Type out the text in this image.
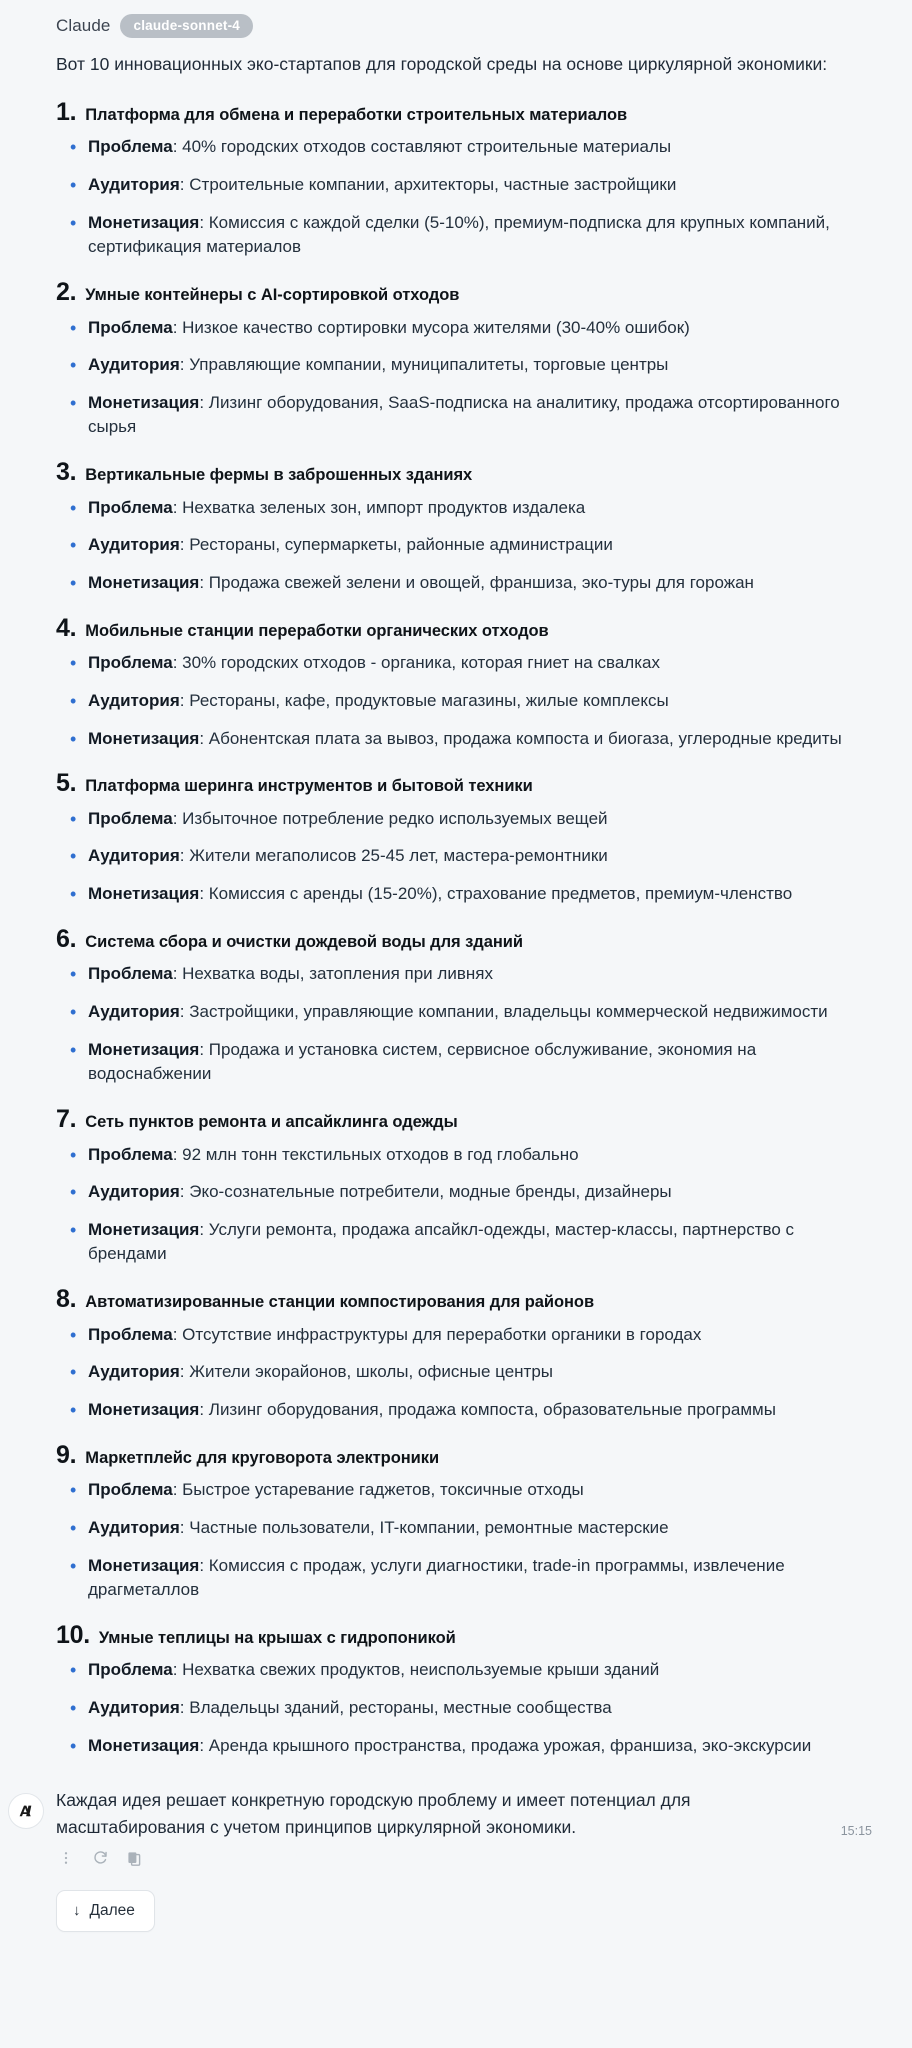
Claude	claude-sonnet-4

Вот 10 инновационных эко-стартапов для городской среды на основе циркулярной экономики:

1. Платформа для обмена и переработки строительных материалов
• Проблема: 40% городских отходов составляют строительные материалы
• Аудитория: Строительные компании, архитекторы, частные застройщики
• Монетизация: Комиссия с каждой сделки (5-10%), премиум-подписка для крупных компаний, сертификация материалов
2. Умные контейнеры с AI-сортировкой отходов
• Проблема: Низкое качество сортировки мусора жителями (30-40% ошибок)
• Аудитория: Управляющие компании, муниципалитеты, торговые центры
• Монетизация: Лизинг оборудования, SaaS-подписка на аналитику, продажа отсортированного сырья
3. Вертикальные фермы в заброшенных зданиях
• Проблема: Нехватка зеленых зон, импорт продуктов издалека
• Аудитория: Рестораны, супермаркеты, районные администрации
• Монетизация: Продажа свежей зелени и овощей, франшиза, эко-туры для горожан
4. Мобильные станции переработки органических отходов
• Проблема: 30% городских отходов - органика, которая гниет на свалках
• Аудитория: Рестораны, кафе, продуктовые магазины, жилые комплексы
• Монетизация: Абонентская плата за вывоз, продажа компоста и биогаза, углеродные кредиты
5. Платформа шеринга инструментов и бытовой техники
• Проблема: Избыточное потребление редко используемых вещей
• Аудитория: Жители мегаполисов 25-45 лет, мастера-ремонтники
• Монетизация: Комиссия с аренды (15-20%), страхование предметов, премиум-членство
6. Система сбора и очистки дождевой воды для зданий
• Проблема: Нехватка воды, затопления при ливнях
• Аудитория: Застройщики, управляющие компании, владельцы коммерческой недвижимости
• Монетизация: Продажа и установка систем, сервисное обслуживание, экономия на водоснабжении
7. Сеть пунктов ремонта и апсайклинга одежды
• Проблема: 92 млн тонн текстильных отходов в год глобально
• Аудитория: Эко-сознательные потребители, модные бренды, дизайнеры
• Монетизация: Услуги ремонта, продажа апсайкл-одежды, мастер-классы, партнерство с брендами
8. Автоматизированные станции компостирования для районов
• Проблема: Отсутствие инфраструктуры для переработки органики в городах
• Аудитория: Жители экорайонов, школы, офисные центры
• Монетизация: Лизинг оборудования, продажа компоста, образовательные программы
9. Маркетплейс для круговорота электроники
• Проблема: Быстрое устаревание гаджетов, токсичные отходы
• Аудитория: Частные пользователи, IT-компании, ремонтные мастерские
• Монетизация: Комиссия с продаж, услуги диагностики, trade-in программы, извлечение драгметаллов
10. Умные теплицы на крышах с гидропоникой
• Проблема: Нехватка свежих продуктов, неиспользуемые крыши зданий
• Аудитория: Владельцы зданий, рестораны, местные сообщества
• Монетизация: Аренда крышного пространства, продажа урожая, франшиза, эко-экскурсии
Каждая идея решает конкретную городскую проблему и имеет потенциал для масштабирования с учетом принципов циркулярной экономики.	15:15
↓ Далее
